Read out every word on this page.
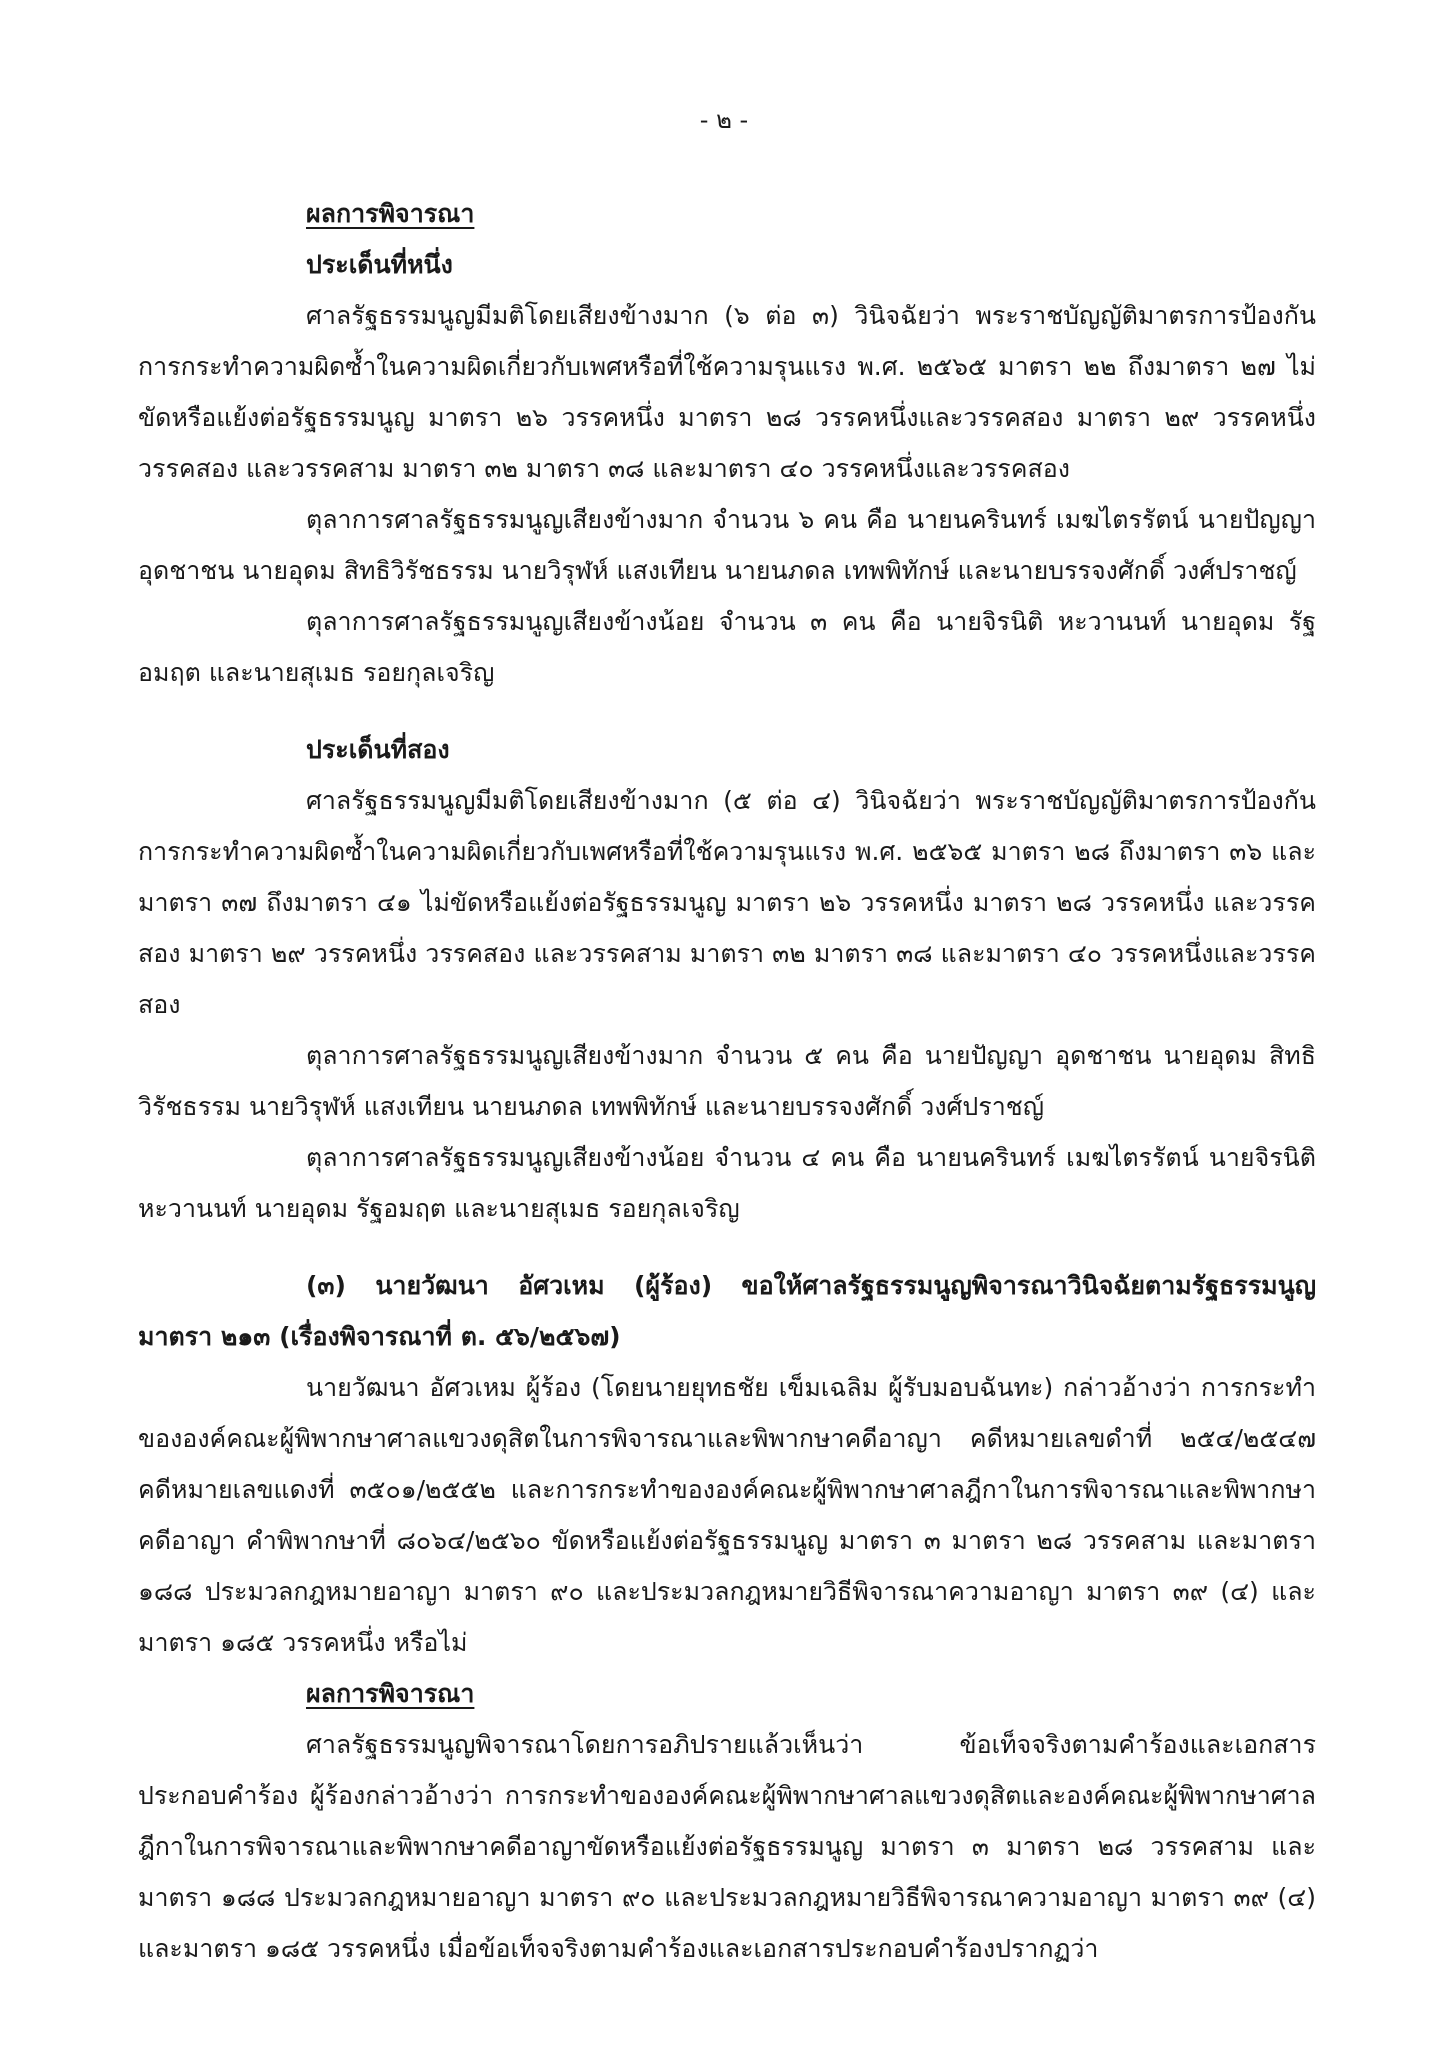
- ๒ -
ผลการพิจารณา
ประเด็นที่หนึ่ง

ศาลรัฐธรรมนูญมีมติโดยเสียงข้างมาก (๖ ต่อ ๓) วินิจฉัยว่า พระราชบัญญัติมาตรการป้องกันการกระทำความผิดซ้ำในความผิดเกี่ยวกับเพศหรือที่ใช้ความรุนแรง พ.ศ. ๒๕๖๕ มาตรา ๒๒ ถึงมาตรา ๒๗ ไม่ขัดหรือแย้งต่อรัฐธรรมนูญ มาตรา ๒๖ วรรคหนึ่ง มาตรา ๒๘ วรรคหนึ่งและวรรคสอง มาตรา ๒๙ วรรคหนึ่ง วรรคสอง และวรรคสาม มาตรา ๓๒ มาตรา ๓๘ และมาตรา ๔๐ วรรคหนึ่งและวรรคสอง

ตุลาการศาลรัฐธรรมนูญเสียงข้างมาก จำนวน ๖ คน คือ นายนครินทร์ เมฆไตรรัตน์ นายปัญญา อุดชาชน นายอุดม สิทธิวิรัชธรรม นายวิรุฬห์ แสงเทียน นายนภดล เทพพิทักษ์ และนายบรรจงศักดิ์ วงศ์ปราชญ์

ตุลาการศาลรัฐธรรมนูญเสียงข้างน้อย จำนวน ๓ คน คือ นายจิรนิติ หะวานนท์ นายอุดม รัฐอมฤต และนายสุเมธ รอยกุลเจริญ

ประเด็นที่สอง

ศาลรัฐธรรมนูญมีมติโดยเสียงข้างมาก (๕ ต่อ ๔) วินิจฉัยว่า พระราชบัญญัติมาตรการป้องกันการกระทำความผิดซ้ำในความผิดเกี่ยวกับเพศหรือที่ใช้ความรุนแรง พ.ศ. ๒๕๖๕ มาตรา ๒๘ ถึงมาตรา ๓๖ และมาตรา ๓๗ ถึงมาตรา ๔๑ ไม่ขัดหรือแย้งต่อรัฐธรรมนูญ มาตรา ๒๖ วรรคหนึ่ง มาตรา ๒๘ วรรคหนึ่ง และวรรคสอง มาตรา ๒๙ วรรคหนึ่ง วรรคสอง และวรรคสาม มาตรา ๓๒ มาตรา ๓๘ และมาตรา ๔๐ วรรคหนึ่งและวรรคสอง

ตุลาการศาลรัฐธรรมนูญเสียงข้างมาก จำนวน ๕ คน คือ นายปัญญา อุดชาชน นายอุดม สิทธิวิรัชธรรม นายวิรุฬห์ แสงเทียน นายนภดล เทพพิทักษ์ และนายบรรจงศักดิ์ วงศ์ปราชญ์

ตุลาการศาลรัฐธรรมนูญเสียงข้างน้อย จำนวน ๔ คน คือ นายนครินทร์ เมฆไตรรัตน์ นายจิรนิติ หะวานนท์ นายอุดม รัฐอมฤต และนายสุเมธ รอยกุลเจริญ

(๓) นายวัฒนา อัศวเหม (ผู้ร้อง) ขอให้ศาลรัฐธรรมนูญพิจารณาวินิจฉัยตามรัฐธรรมนูญ มาตรา ๒๑๓ (เรื่องพิจารณาที่ ต. ๕๖/๒๕๖๗)

นายวัฒนา อัศวเหม ผู้ร้อง (โดยนายยุทธชัย เข็มเฉลิม ผู้รับมอบฉันทะ) กล่าวอ้างว่า การกระทำขององค์คณะผู้พิพากษาศาลแขวงดุสิตในการพิจารณาและพิพากษาคดีอาญา คดีหมายเลขดำที่ ๒๕๔/๒๕๔๗ คดีหมายเลขแดงที่ ๓๕๐๑/๒๕๕๒ และการกระทำขององค์คณะผู้พิพากษาศาลฎีกาในการพิจารณาและพิพากษาคดีอาญา คำพิพากษาที่ ๘๐๖๔/๒๕๖๐ ขัดหรือแย้งต่อรัฐธรรมนูญ มาตรา ๓ มาตรา ๒๘ วรรคสาม และมาตรา ๑๘๘ ประมวลกฎหมายอาญา มาตรา ๙๐ และประมวลกฎหมายวิธีพิจารณาความอาญา มาตรา ๓๙ (๔) และมาตรา ๑๘๕ วรรคหนึ่ง หรือไม่

ผลการพิจารณา

ศาลรัฐธรรมนูญพิจารณาโดยการอภิปรายแล้วเห็นว่า ข้อเท็จจริงตามคำร้องและเอกสารประกอบคำร้อง ผู้ร้องกล่าวอ้างว่า การกระทำขององค์คณะผู้พิพากษาศาลแขวงดุสิตและองค์คณะผู้พิพากษาศาลฎีกาในการพิจารณาและพิพากษาคดีอาญาขัดหรือแย้งต่อรัฐธรรมนูญ มาตรา ๓ มาตรา ๒๘ วรรคสาม และมาตรา ๑๘๘ ประมวลกฎหมายอาญา มาตรา ๙๐ และประมวลกฎหมายวิธีพิจารณาความอาญา มาตรา ๓๙ (๔) และมาตรา ๑๘๕ วรรคหนึ่ง เมื่อข้อเท็จจริงตามคำร้องและเอกสารประกอบคำร้องปรากฏว่า
